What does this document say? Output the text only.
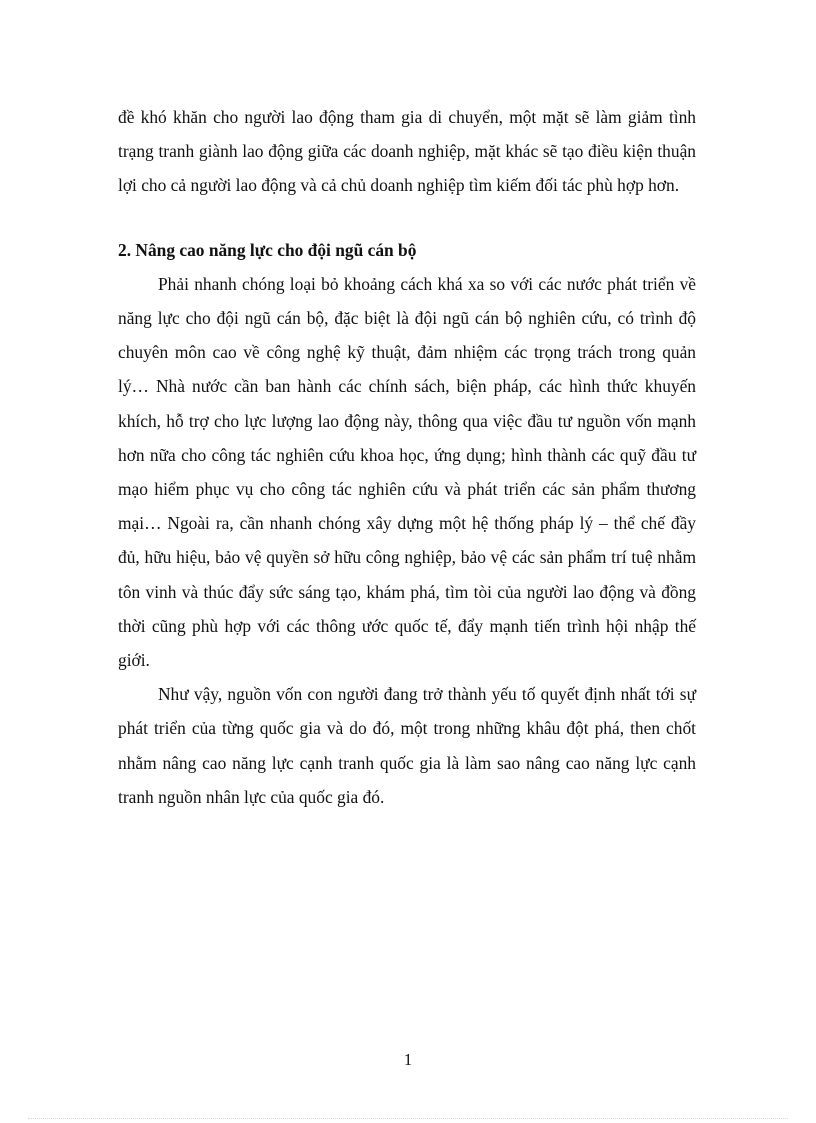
đề khó khăn cho người lao động tham gia di chuyển, một mặt sẽ làm giảm tình trạng tranh giành lao động giữa các doanh nghiệp, mặt khác sẽ tạo điều kiện thuận lợi cho cả người lao động và cả chủ doanh nghiệp tìm kiếm đối tác phù hợp hơn.

2. Nâng cao năng lực cho đội ngũ cán bộ

Phải nhanh chóng loại bỏ khoảng cách khá xa so với các nước phát triển về năng lực cho đội ngũ cán bộ, đặc biệt là đội ngũ cán bộ nghiên cứu, có trình độ chuyên môn cao về công nghệ kỹ thuật, đảm nhiệm các trọng trách trong quản lý… Nhà nước cần ban hành các chính sách, biện pháp, các hình thức khuyến khích, hỗ trợ cho lực lượng lao động này, thông qua việc đầu tư nguồn vốn mạnh hơn nữa cho công tác nghiên cứu khoa học, ứng dụng; hình thành các quỹ đầu tư mạo hiểm phục vụ cho công tác nghiên cứu và phát triển các sản phẩm thương mại… Ngoài ra, cần nhanh chóng xây dựng một hệ thống pháp lý – thể chế đầy đủ, hữu hiệu, bảo vệ quyền sở hữu công nghiệp, bảo vệ các sản phẩm trí tuệ nhằm tôn vinh và thúc đẩy sức sáng tạo, khám phá, tìm tòi của người lao động và đồng thời cũng phù hợp với các thông ước quốc tế, đẩy mạnh tiến trình hội nhập thế giới.

Như vậy, nguồn vốn con người đang trở thành yếu tố quyết định nhất tới sự phát triển của từng quốc gia và do đó, một trong những khâu đột phá, then chốt nhằm nâng cao năng lực cạnh tranh quốc gia là làm sao nâng cao năng lực cạnh tranh nguồn nhân lực của quốc gia đó.

1
